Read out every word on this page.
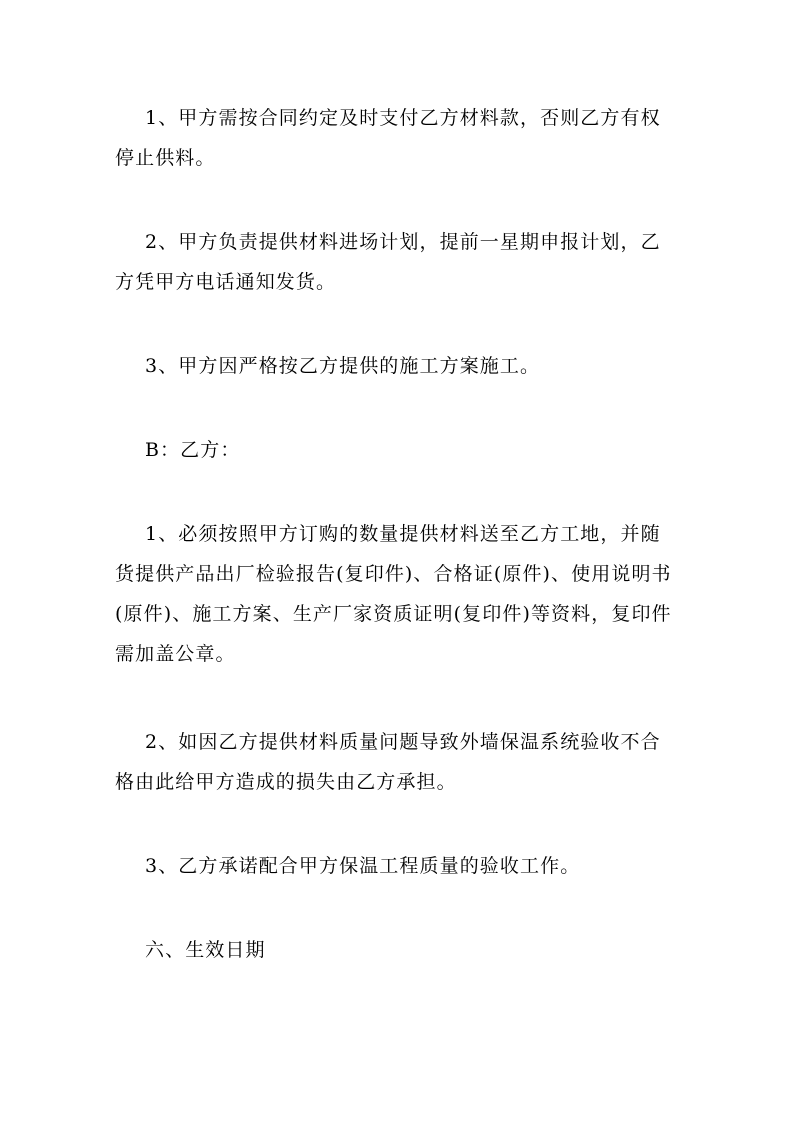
1、甲方需按合同约定及时支付乙方材料款，否则乙方有权停止供料。

2、甲方负责提供材料进场计划，提前一星期申报计划，乙方凭甲方电话通知发货。

3、甲方因严格按乙方提供的施工方案施工。

B：乙方：

1、必须按照甲方订购的数量提供材料送至乙方工地，并随货提供产品出厂检验报告(复印件)、合格证(原件)、使用说明书(原件)、施工方案、生产厂家资质证明(复印件)等资料，复印件需加盖公章。

2、如因乙方提供材料质量问题导致外墙保温系统验收不合格由此给甲方造成的损失由乙方承担。

3、乙方承诺配合甲方保温工程质量的验收工作。

六、生效日期
